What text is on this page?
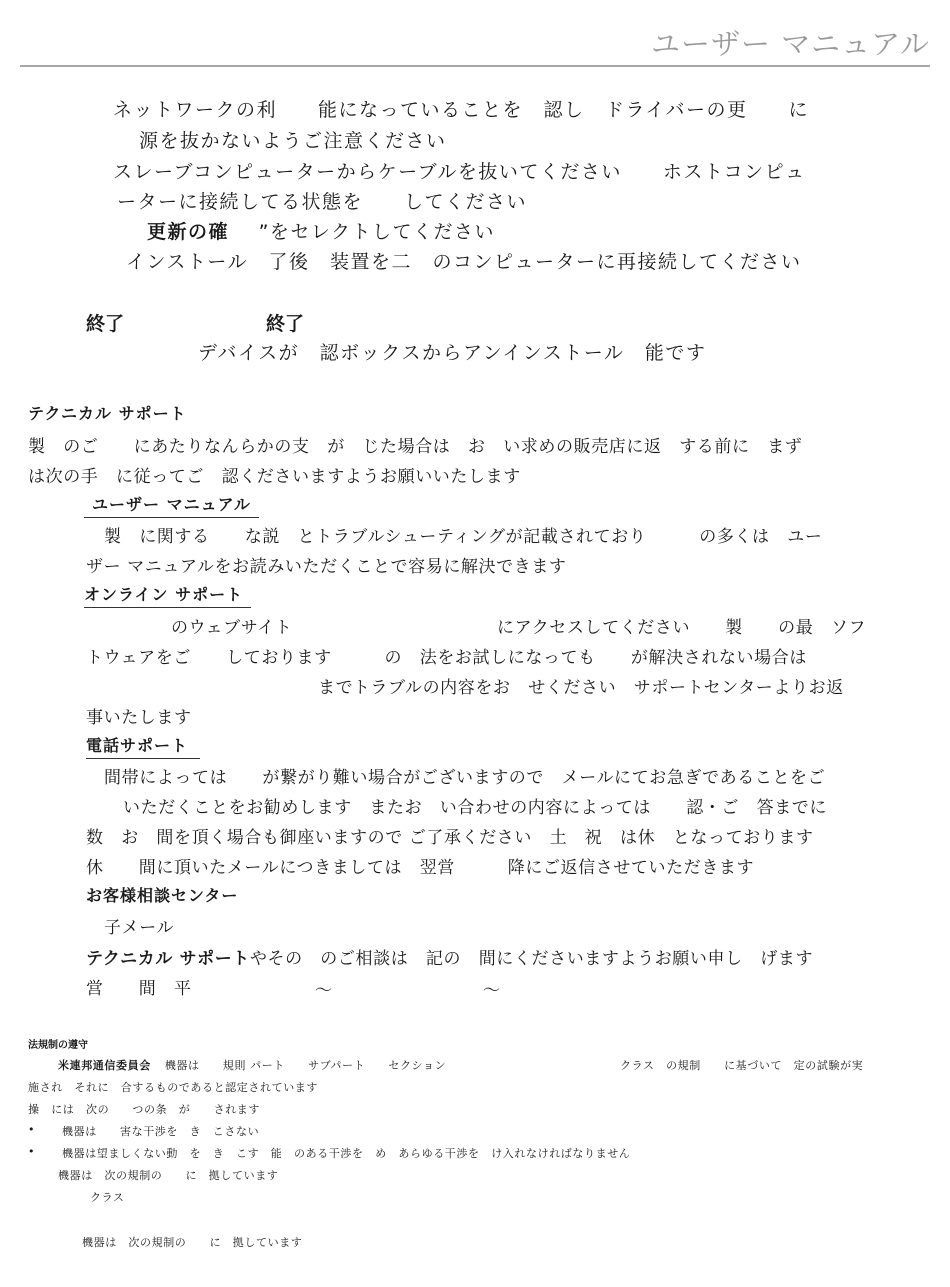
ユーザー マニュアル
ネットワークの利　　能になっていることを　認し　ドライバーの更　　に
源を抜かないようご注意ください
スレーブコンピューターからケーブルを抜いてください　　ホストコンピュ
ーターに接続してる状態を　　してください
更新の確 ”をセレクトしてください
インストール　了後　装置を二　のコンピューターに再接続してください
終了	終了
デバイスが　認ボックスからアンインストール　能です
テクニカル サポート
製　のご　　にあたりなんらかの支　が　じた場合は　お　い求めの販売店に返　する前に　まず
は次の手　に従ってご　認くださいますようお願いいたします
ユーザー マニュアル
製　に関する　　な説　とトラブルシューティングが記載されており　　　の多くは　ユー
ザー マニュアルをお読みいただくことで容易に解決できます
オンライン サポート
のウェブサイト	にアクセスしてください　　製　　の最　ソフ
トウェアをご　　しております　　　の　法をお試しになっても　　が解決されない場合は
までトラブルの内容をお　せください　サポートセンターよりお返
事いたします
電話サポート
間帯によっては　　が繋がり難い場合がございますので　メールにてお急ぎであることをご
いただくことをお勧めします　またお　い合わせの内容によっては　　認・ご　答までに
数　お　間を頂く場合も御座いますので ご了承ください　土　祝　は休　となっております
休　　間に頂いたメールにつきましては　翌営　　　降にご返信させていただきます
お客様相談センター
子メール
テクニカル サポートやその　のご相談は　記の　間にくださいますようお願い申し　げます
営　　間　平	～	～
法規制の遵守
米連邦通信委員会 機器は　　規則 パート　　サブパート　　セクション	クラス　の規制　　に基づいて　定の試験が実
施され　それに　合するものであると認定されています
操　には　次の　　つの条　が　　されます
• 機器は　　害な干渉を　き　こさない
• 機器は望ましくない動　を　き　こす　能　のある干渉を　め　あらゆる干渉を　け入れなければなりません
機器は　次の規制の　　に　拠しています
クラス
機器は　次の規制の　　に　拠しています
